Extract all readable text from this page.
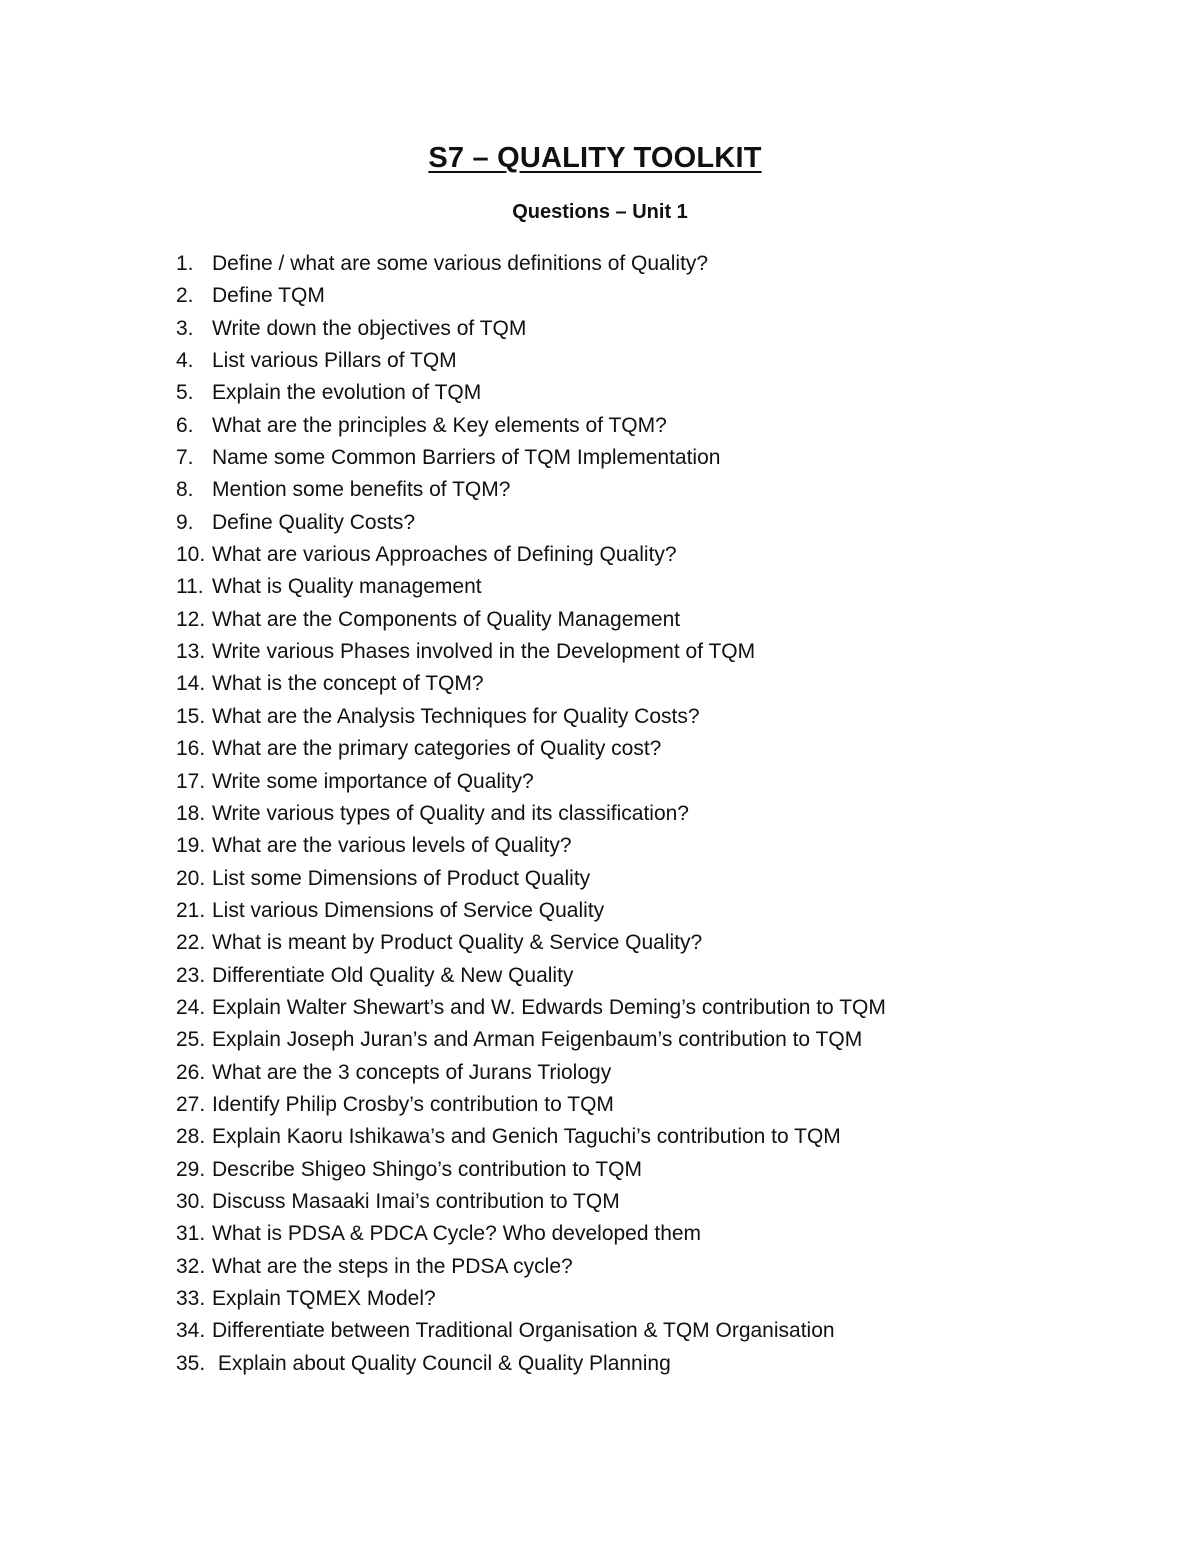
S7 – QUALITY TOOLKIT
Questions – Unit 1
1. Define / what are some various definitions of Quality?
2. Define TQM
3. Write down the objectives of TQM
4. List various Pillars of TQM
5. Explain the evolution of TQM
6. What are the principles & Key elements of TQM?
7. Name some Common Barriers of TQM Implementation
8. Mention some benefits of TQM?
9. Define Quality Costs?
10. What are various Approaches of Defining Quality?
11. What is Quality management
12. What are the Components of Quality Management
13. Write various Phases involved in the Development of TQM
14. What is the concept of TQM?
15. What are the Analysis Techniques for Quality Costs?
16. What are the primary categories of Quality cost?
17. Write some importance of Quality?
18. Write various types of Quality and its classification?
19. What are the various levels of Quality?
20. List some Dimensions of Product Quality
21. List various Dimensions of Service Quality
22. What is meant by Product Quality & Service Quality?
23. Differentiate Old Quality & New Quality
24. Explain Walter Shewart’s and W. Edwards Deming’s contribution to TQM
25. Explain Joseph Juran’s and Arman Feigenbaum’s contribution to TQM
26. What are the 3 concepts of Jurans Triology
27. Identify Philip Crosby’s contribution to TQM
28. Explain Kaoru Ishikawa’s and Genich Taguchi’s contribution to TQM
29. Describe Shigeo Shingo’s contribution to TQM
30. Discuss Masaaki Imai’s contribution to TQM
31. What is PDSA & PDCA Cycle? Who developed them
32. What are the steps in the PDSA cycle?
33. Explain TQMEX Model?
34. Differentiate between Traditional Organisation & TQM Organisation
35. Explain about Quality Council & Quality Planning
